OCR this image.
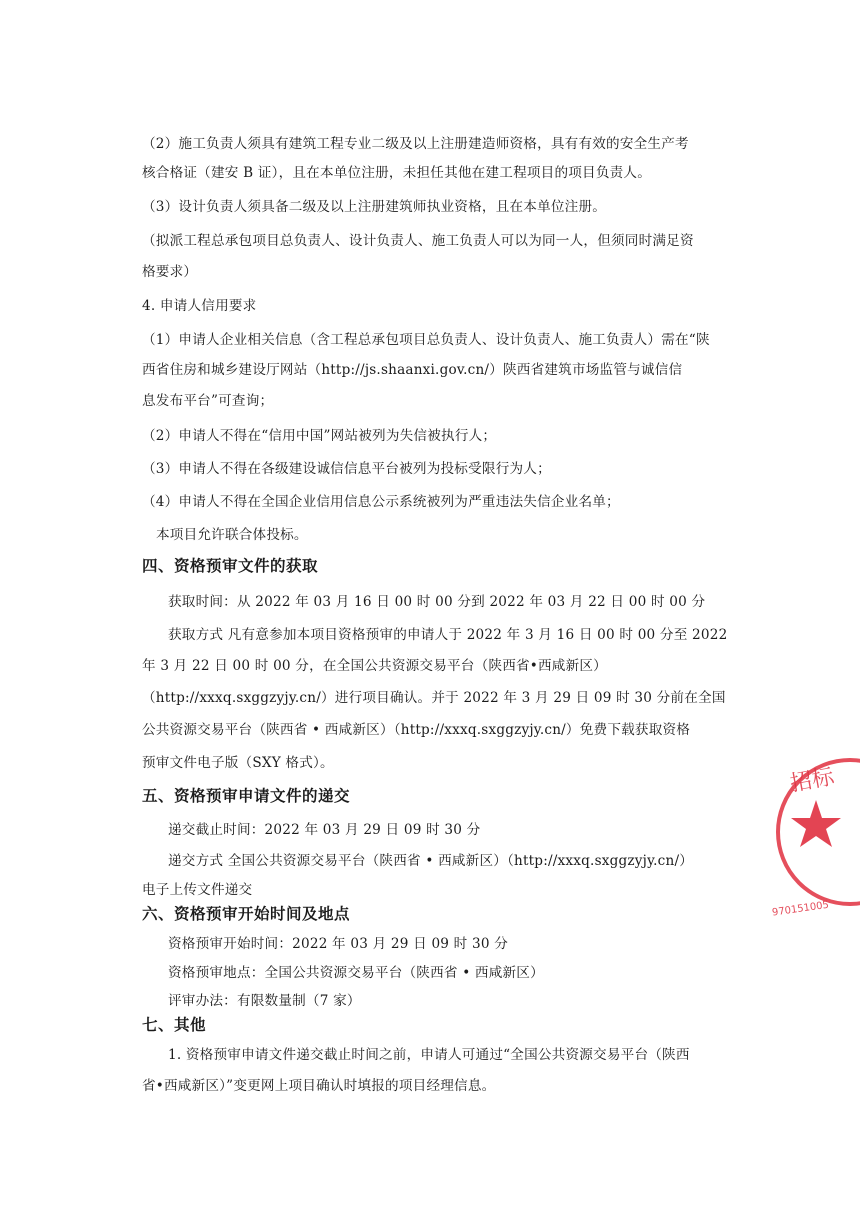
（2）施工负责人须具有建筑工程专业二级及以上注册建造师资格，具有有效的安全生产考
核合格证（建安 B 证），且在本单位注册，未担任其他在建工程项目的项目负责人。
（3）设计负责人须具备二级及以上注册建筑师执业资格，且在本单位注册。
（拟派工程总承包项目总负责人、设计负责人、施工负责人可以为同一人，但须同时满足资
格要求）
4. 申请人信用要求
（1）申请人企业相关信息（含工程总承包项目总负责人、设计负责人、施工负责人）需在“陕
西省住房和城乡建设厅网站（http://js.shaanxi.gov.cn/）陕西省建筑市场监管与诚信信
息发布平台”可查询；
（2）申请人不得在“信用中国”网站被列为失信被执行人；
（3）申请人不得在各级建设诚信信息平台被列为投标受限行为人；
（4）申请人不得在全国企业信用信息公示系统被列为严重违法失信企业名单；
本项目允许联合体投标。
四、资格预审文件的获取
获取时间：从 2022 年 03 月 16 日 00 时 00 分到 2022 年 03 月 22 日 00 时 00 分
获取方式 凡有意参加本项目资格预审的申请人于 2022 年 3 月 16 日 00 时 00 分至 2022
年 3 月 22 日 00 时 00 分，在全国公共资源交易平台（陕西省•西咸新区）
（http://xxxq.sxggzyjy.cn/）进行项目确认。并于 2022 年 3 月 29 日 09 时 30 分前在全国
公共资源交易平台（陕西省 • 西咸新区）（http://xxxq.sxggzyjy.cn/）免费下载获取资格
预审文件电子版（SXY 格式）。
五、资格预审申请文件的递交
递交截止时间：2022 年 03 月 29 日 09 时 30 分
递交方式 全国公共资源交易平台（陕西省 • 西咸新区）（http://xxxq.sxggzyjy.cn/）
电子上传文件递交
六、资格预审开始时间及地点
资格预审开始时间：2022 年 03 月 29 日 09 时 30 分
资格预审地点：全国公共资源交易平台（陕西省 • 西咸新区）
评审办法：有限数量制（7 家）
七、其他
1. 资格预审申请文件递交截止时间之前，申请人可通过“全国公共资源交易平台（陕西
省•西咸新区）”变更网上项目确认时填报的项目经理信息。
招标
970151005
